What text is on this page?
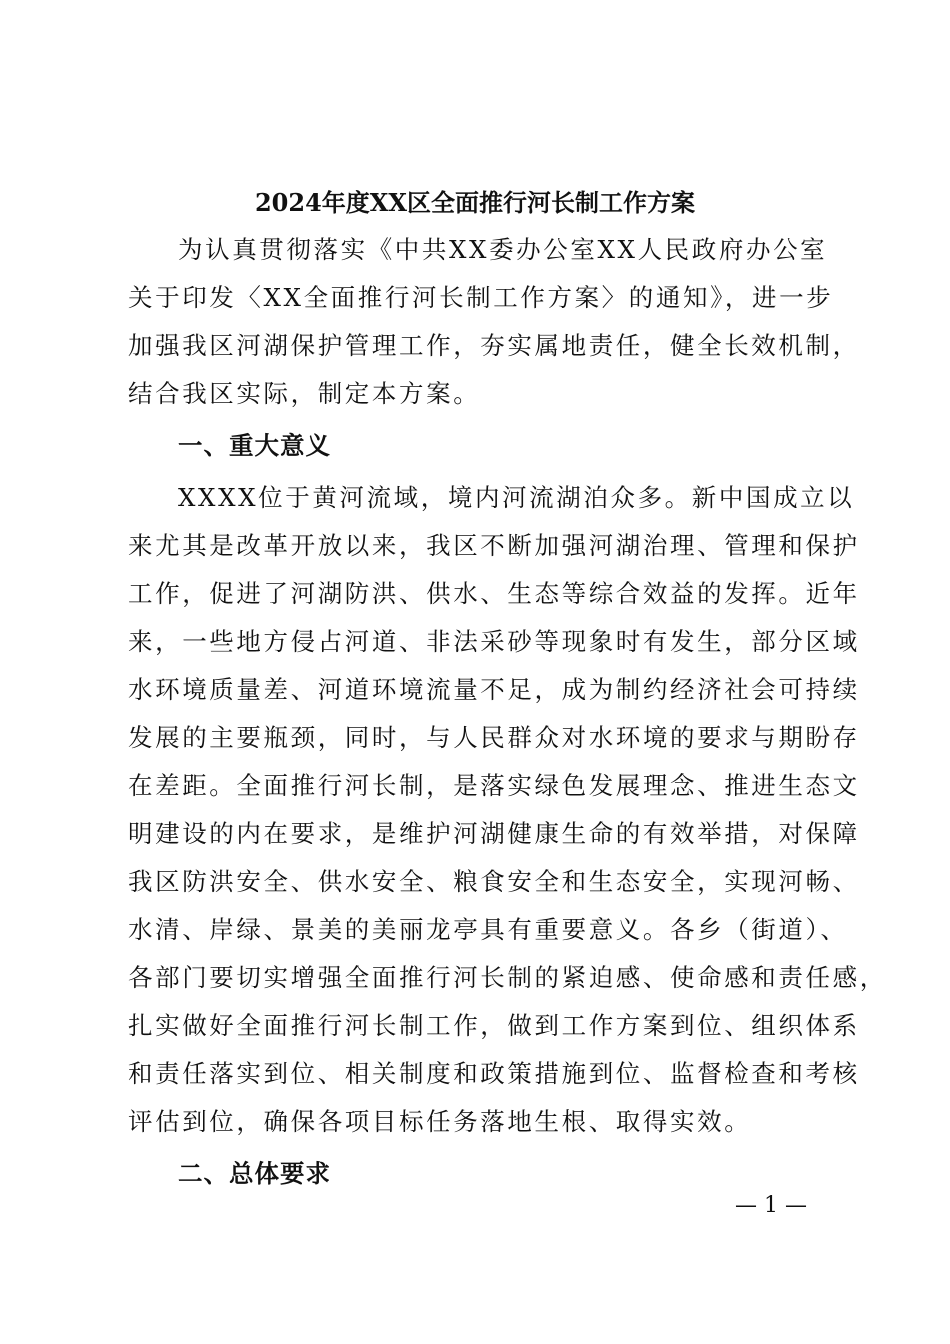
2024年度XX区全面推行河长制工作方案
为认真贯彻落实《中共XX委办公室XX人民政府办公室
关于印发〈XX全面推行河长制工作方案〉的通知》，进一步
加强我区河湖保护管理工作，夯实属地责任，健全长效机制，
结合我区实际，制定本方案。
一、重大意义
XXXX位于黄河流域，境内河流湖泊众多。新中国成立以
来尤其是改革开放以来，我区不断加强河湖治理、管理和保护
工作，促进了河湖防洪、供水、生态等综合效益的发挥。近年
来，一些地方侵占河道、非法采砂等现象时有发生，部分区域
水环境质量差、河道环境流量不足，成为制约经济社会可持续
发展的主要瓶颈，同时，与人民群众对水环境的要求与期盼存
在差距。全面推行河长制，是落实绿色发展理念、推进生态文
明建设的内在要求，是维护河湖健康生命的有效举措，对保障
我区防洪安全、供水安全、粮食安全和生态安全，实现河畅、
水清、岸绿、景美的美丽龙亭具有重要意义。各乡（街道）、
各部门要切实增强全面推行河长制的紧迫感、使命感和责任感，
扎实做好全面推行河长制工作，做到工作方案到位、组织体系
和责任落实到位、相关制度和政策措施到位、监督检查和考核
评估到位，确保各项目标任务落地生根、取得实效。
二、总体要求
— 1 —
